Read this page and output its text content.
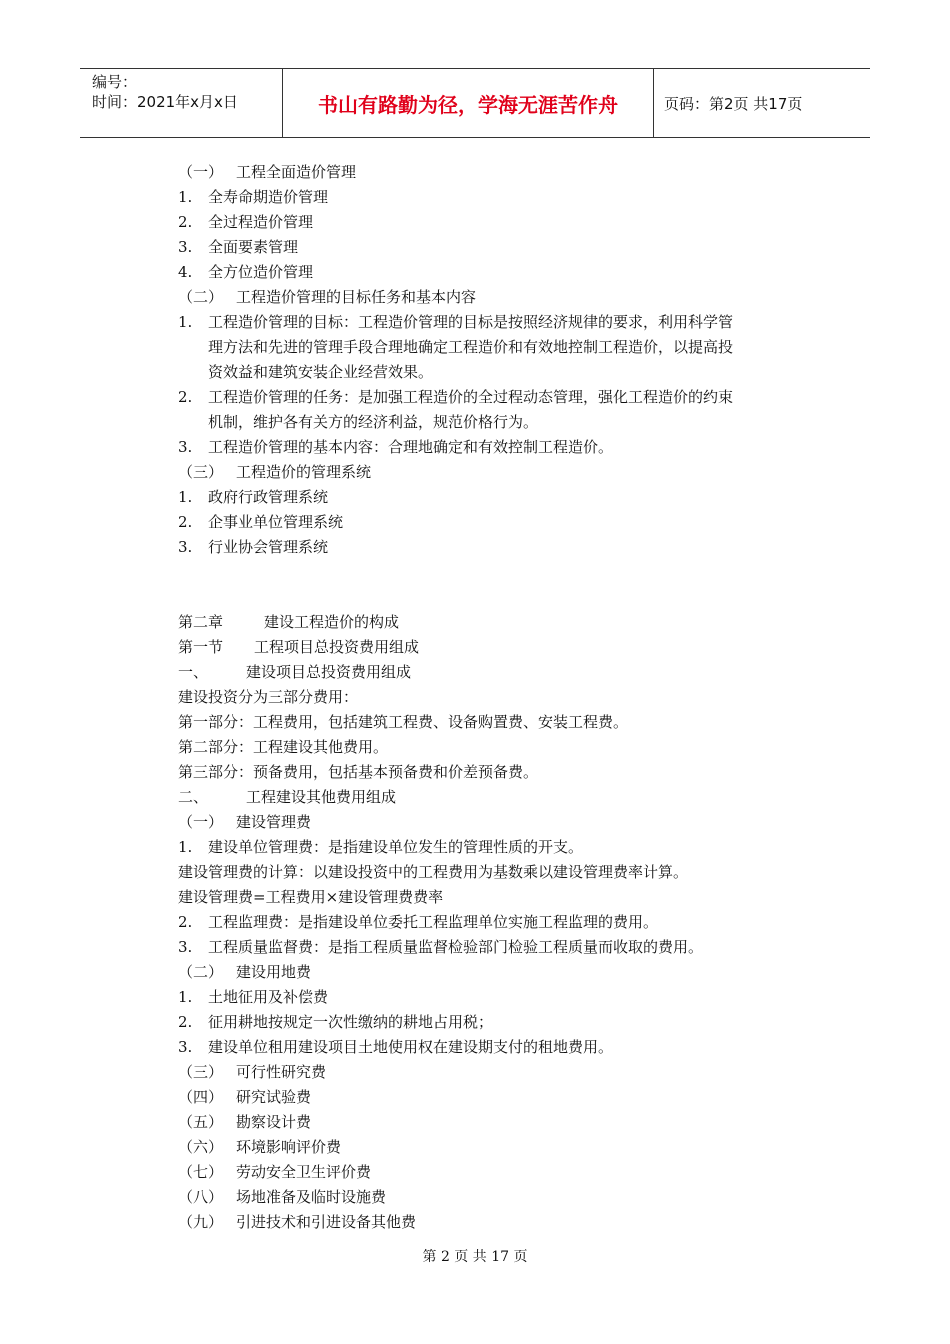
编号：
时间：2021年x月x日	书山有路勤为径，学海无涯苦作舟	页码：第2页 共17页
（一） 工程全面造价管理
1. 全寿命期造价管理
2. 全过程造价管理
3. 全面要素管理
4. 全方位造价管理
（二） 工程造价管理的目标任务和基本内容
1. 工程造价管理的目标：工程造价管理的目标是按照经济规律的要求，利用科学管
理方法和先进的管理手段合理地确定工程造价和有效地控制工程造价，以提高投
资效益和建筑安装企业经营效果。
2. 工程造价管理的任务：是加强工程造价的全过程动态管理，强化工程造价的约束
机制，维护各有关方的经济利益，规范价格行为。
3. 工程造价管理的基本内容：合理地确定和有效控制工程造价。
（三） 工程造价的管理系统
1. 政府行政管理系统
2. 企事业单位管理系统
3. 行业协会管理系统
第二章	建设工程造价的构成
第一节 工程项目总投资费用组成
一、	建设项目总投资费用组成
建设投资分为三部分费用：
第一部分：工程费用，包括建筑工程费、设备购置费、安装工程费。
第二部分：工程建设其他费用。
第三部分：预备费用，包括基本预备费和价差预备费。
二、	工程建设其他费用组成
（一） 建设管理费
1. 建设单位管理费：是指建设单位发生的管理性质的开支。
建设管理费的计算：以建设投资中的工程费用为基数乘以建设管理费率计算。
建设管理费=工程费用×建设管理费费率
2. 工程监理费：是指建设单位委托工程监理单位实施工程监理的费用。
3. 工程质量监督费：是指工程质量监督检验部门检验工程质量而收取的费用。
（二） 建设用地费
1. 土地征用及补偿费
2. 征用耕地按规定一次性缴纳的耕地占用税；
3. 建设单位租用建设项目土地使用权在建设期支付的租地费用。
（三） 可行性研究费
（四） 研究试验费
（五） 勘察设计费
（六） 环境影响评价费
（七） 劳动安全卫生评价费
（八） 场地准备及临时设施费
（九） 引进技术和引进设备其他费
第 2 页 共 17 页
